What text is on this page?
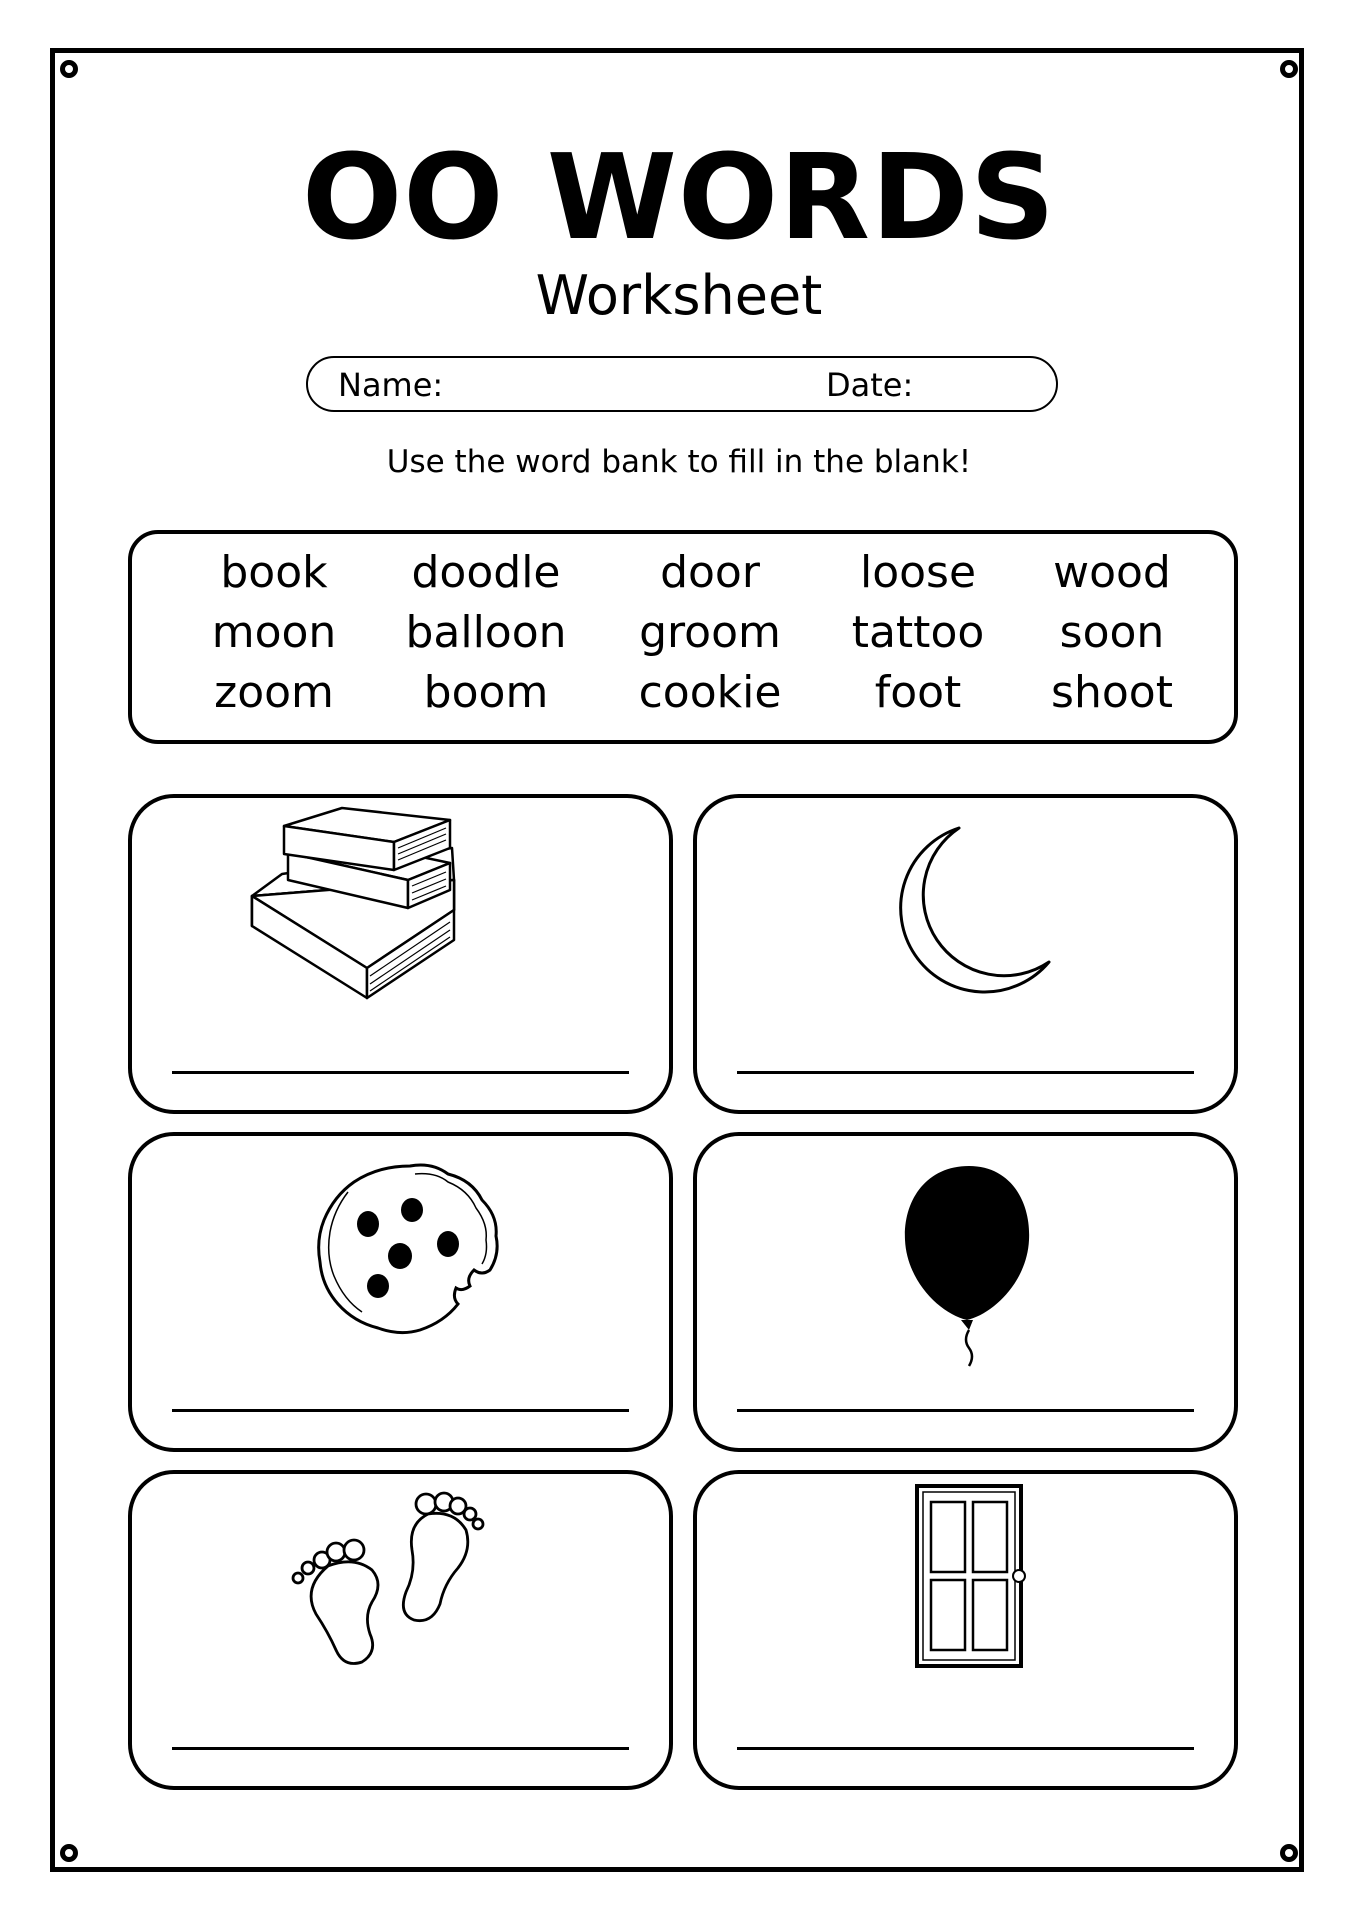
OO WORDS
Worksheet
Name:	Date:
Use the word bank to fill in the blank!
book	doodle	door	loose	wood
moon	balloon	groom	tattoo	soon
zoom	boom	cookie	foot	shoot
